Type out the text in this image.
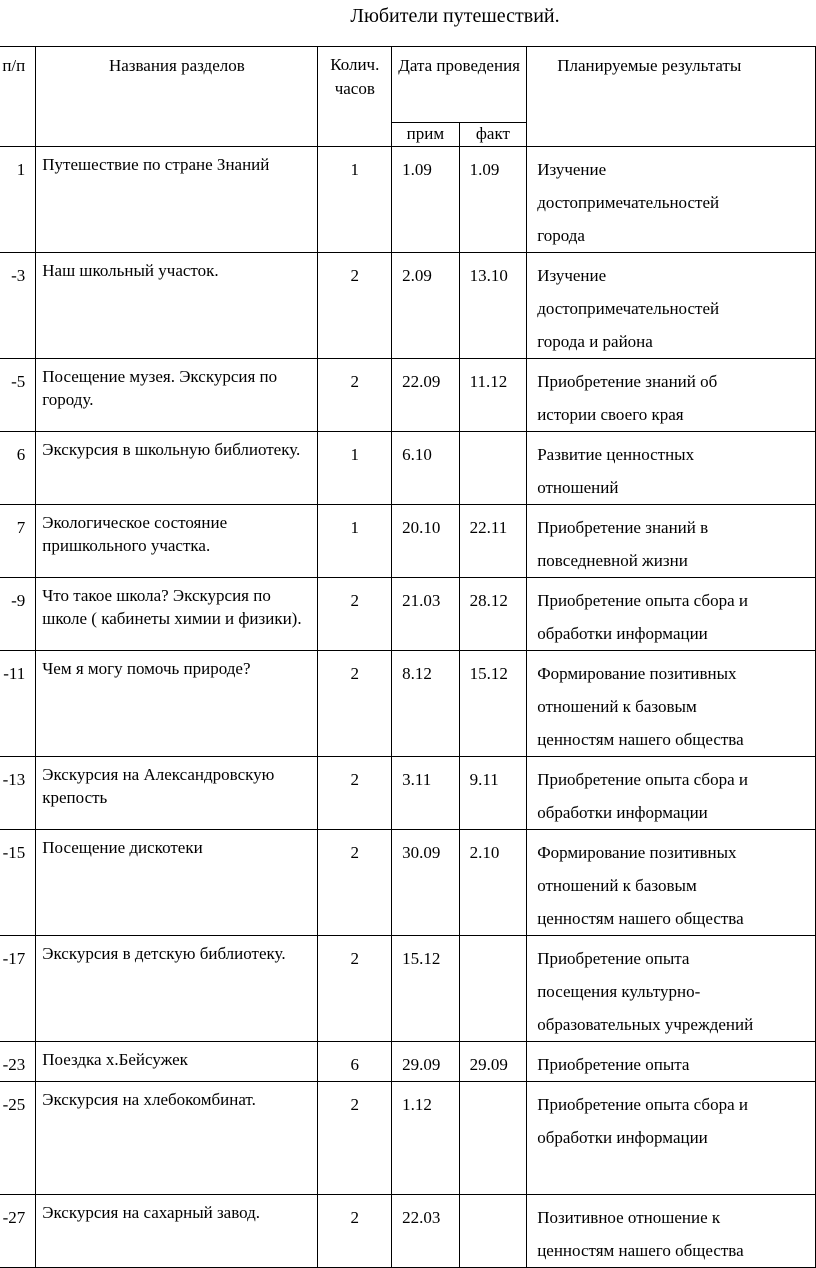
Любители путешествий.
п/п	Названия разделов	Колич. часов	Дата проведения		Планируемые результаты
			прим	факт	
1	Путешествие по стране Знаний	1	1.09	1.09	Изучение
достопримечательностей
города

-3	Наш школьный участок.	2	2.09	13.10	Изучение
достопримечательностей
города и района

-5	Посещение музея. Экскурсия по городу.	2	22.09	11.12	Приобретение знаний об
истории своего края

6	Экскурсия в школьную библиотеку.	1	6.10		Развитие ценностных
отношений

7	Экологическое состояние пришкольного участка.	1	20.10	22.11	Приобретение знаний в
повседневной жизни

-9	Что такое школа? Экскурсия по школе ( кабинеты химии и физики).	2	21.03	28.12	Приобретение опыта сбора и
обработки информации

-11	Чем я могу помочь природе?	2	8.12	15.12	Формирование позитивных
отношений к базовым
ценностям нашего общества

-13	Экскурсия на Александровскую крепость	2	3.11	9.11	Приобретение опыта сбора и
обработки информации

-15	Посещение дискотеки	2	30.09	2.10	Формирование позитивных
отношений к базовым
ценностям нашего общества

-17	Экскурсия в детскую библиотеку.	2	15.12		Приобретение опыта
посещения культурно-
образовательных учреждений

-23	Поездка х.Бейсужек	6	29.09	29.09	Приобретение опыта

-25	Экскурсия на хлебокомбинат.	2	1.12		Приобретение опыта сбора и
обработки информации

-27	Экскурсия на сахарный завод.	2	22.03		Позитивное отношение к
ценностям нашего общества
